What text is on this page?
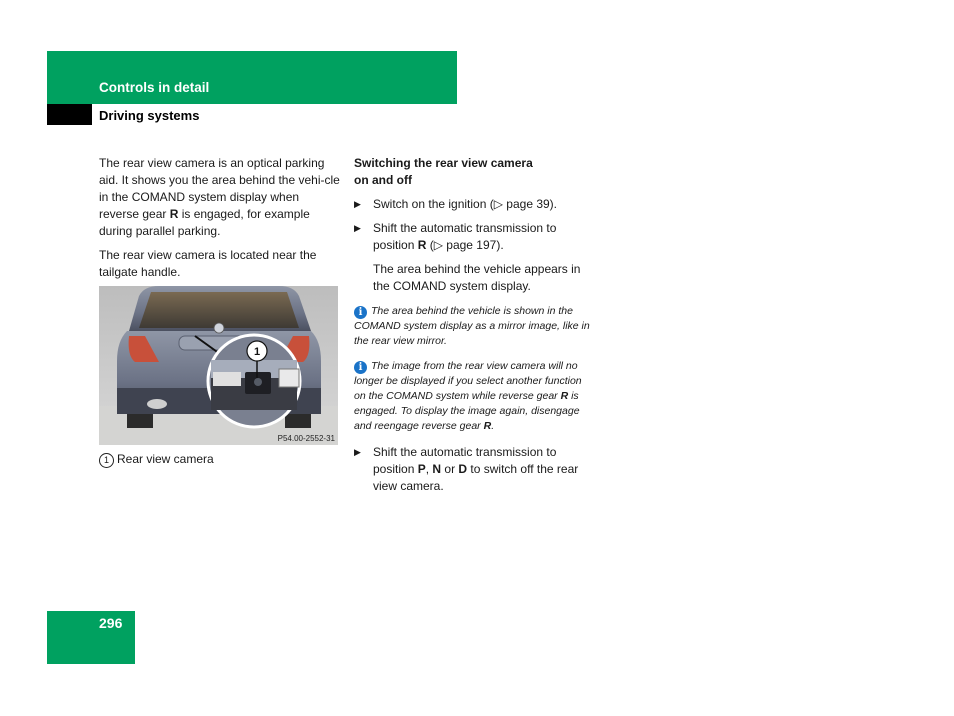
Controls in detail
Driving systems

The rear view camera is an optical parking aid. It shows you the area behind the vehi-cle in the COMAND system display when reverse gear R is engaged, for example during parallel parking.

The rear view camera is located near the tailgate handle.

1
P54.00-2552-31
1 Rear view camera

Switching the rear view camera
on and off

▶ Switch on the ignition (▷ page 39).

▶ Shift the automatic transmission to position R (▷ page 197).

The area behind the vehicle appears in the COMAND system display.

i The area behind the vehicle is shown in the COMAND system display as a mirror image, like in the rear view mirror.

i The image from the rear view camera will no longer be displayed if you select another function on the COMAND system while reverse gear R is engaged. To display the image again, disengage and reengage reverse gear R.

▶ Shift the automatic transmission to position P, N or D to switch off the rear view camera.

296
